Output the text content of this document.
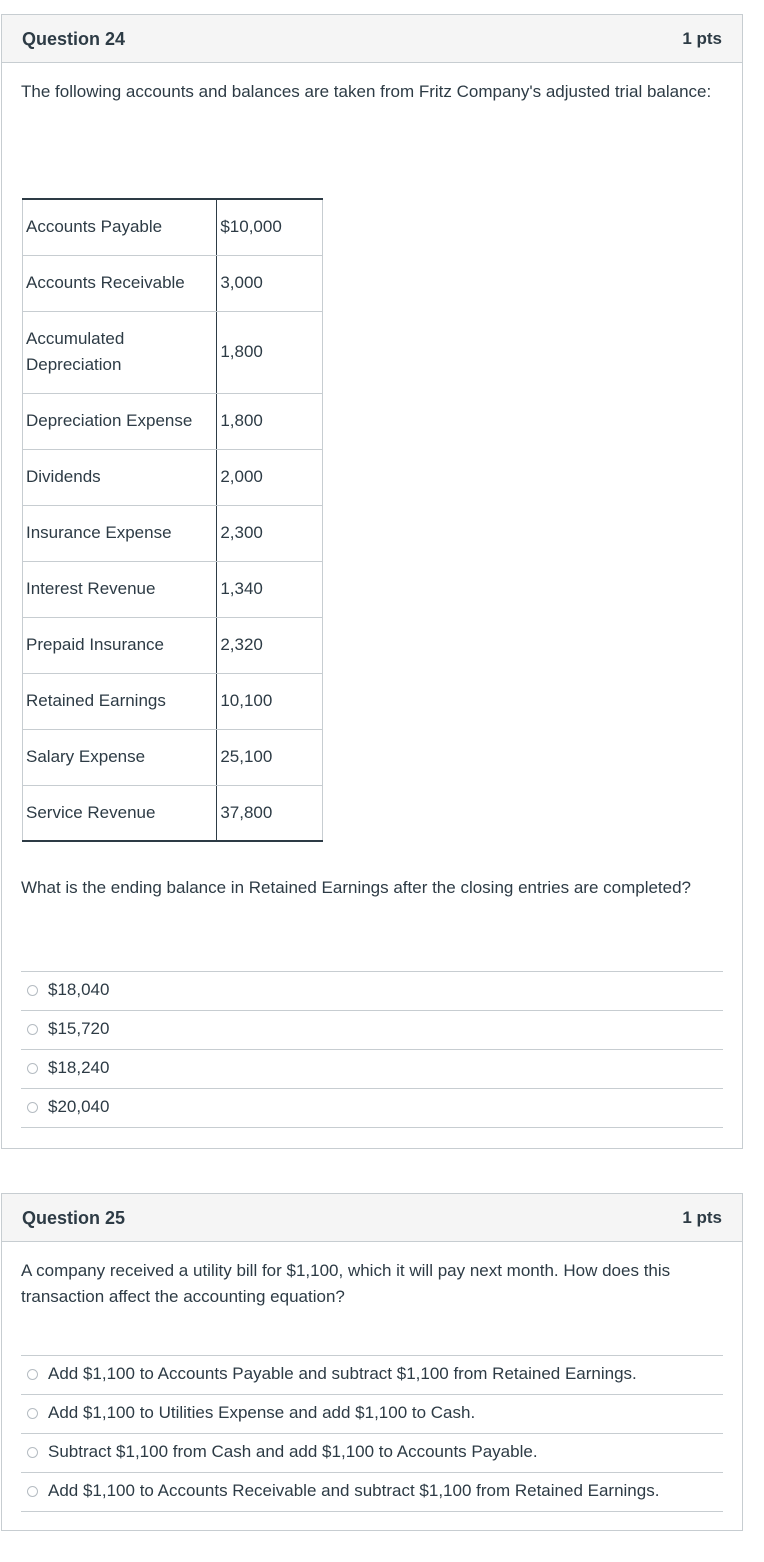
Question 24	1 pts

The following accounts and balances are taken from Fritz Company's adjusted trial balance:

Accounts Payable	$10,000
Accounts Receivable	3,000
Accumulated Depreciation	1,800
Depreciation Expense	1,800
Dividends	2,000
Insurance Expense	2,300
Interest Revenue	1,340
Prepaid Insurance	2,320
Retained Earnings	10,100
Salary Expense	25,100
Service Revenue	37,800

What is the ending balance in Retained Earnings after the closing entries are completed?

$18,040
$15,720
$18,240
$20,040
Question 25	1 pts

A company received a utility bill for $1,100, which it will pay next month. How does this transaction affect the accounting equation?

Add $1,100 to Accounts Payable and subtract $1,100 from Retained Earnings.
Add $1,100 to Utilities Expense and add $1,100 to Cash.
Subtract $1,100 from Cash and add $1,100 to Accounts Payable.
Add $1,100 to Accounts Receivable and subtract $1,100 from Retained Earnings.
